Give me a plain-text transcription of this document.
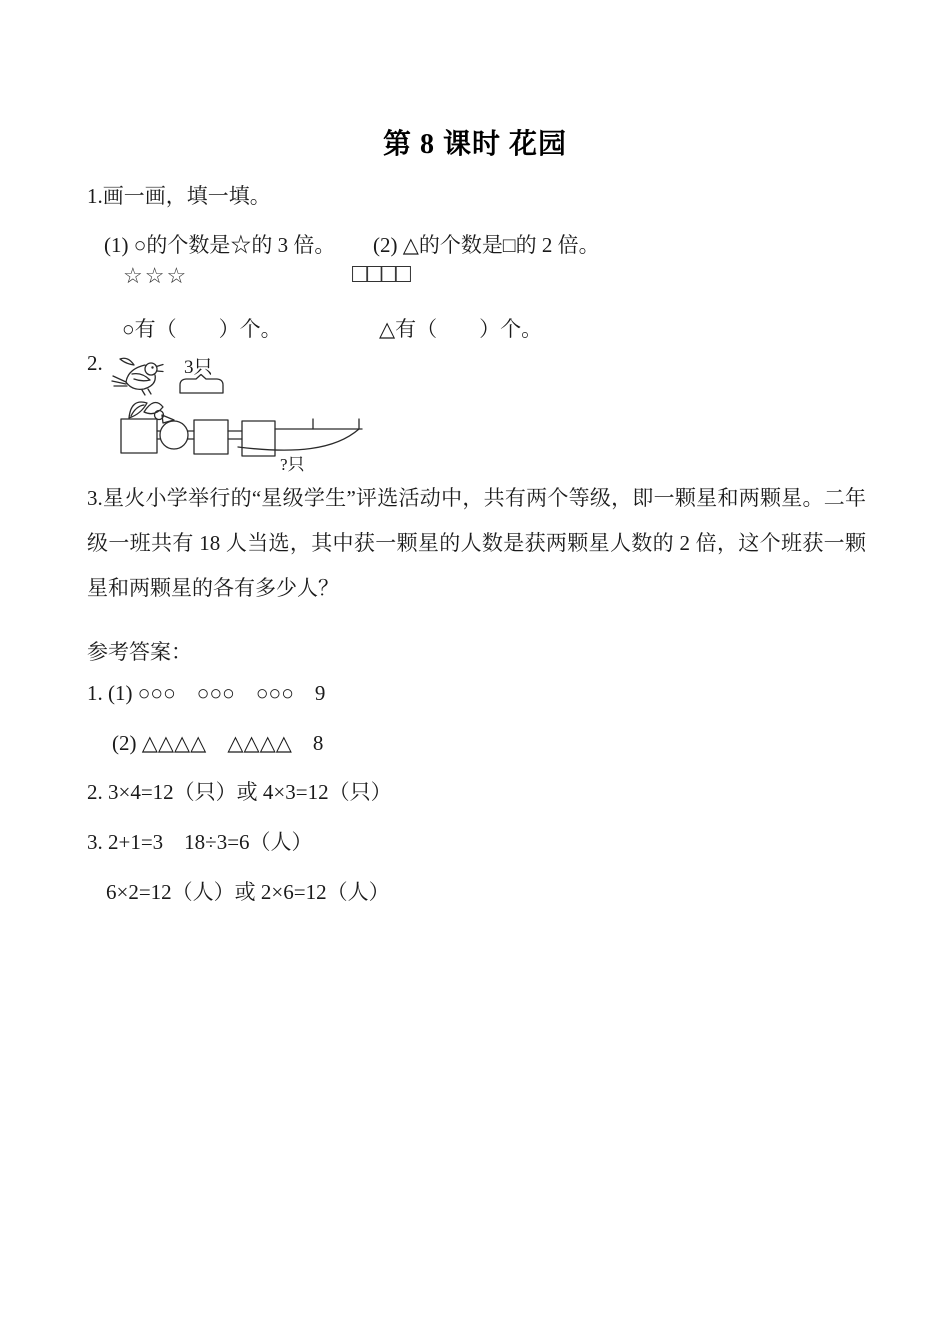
第 8 课时 花园
1.画一画，填一填。
(1) ○的个数是☆的 3 倍。 (2) △的个数是□的 2 倍。
☆☆☆	□□□□
○有（　　）个。	△有（　　）个。
2.	3只
?只
3.星火小学举行的“星级学生”评选活动中，共有两个等级，即一颗星和两颗星。二年级一班共有 18 人当选，其中获一颗星的人数是获两颗星人数的 2 倍，这个班获一颗星和两颗星的各有多少人？
参考答案：
1. (1) ○○○　○○○　○○○　9
(2) △△△△　△△△△　8
2. 3×4=12（只）或 4×3=12（只）
3. 2+1=3　18÷3=6（人）
6×2=12（人）或 2×6=12（人）
